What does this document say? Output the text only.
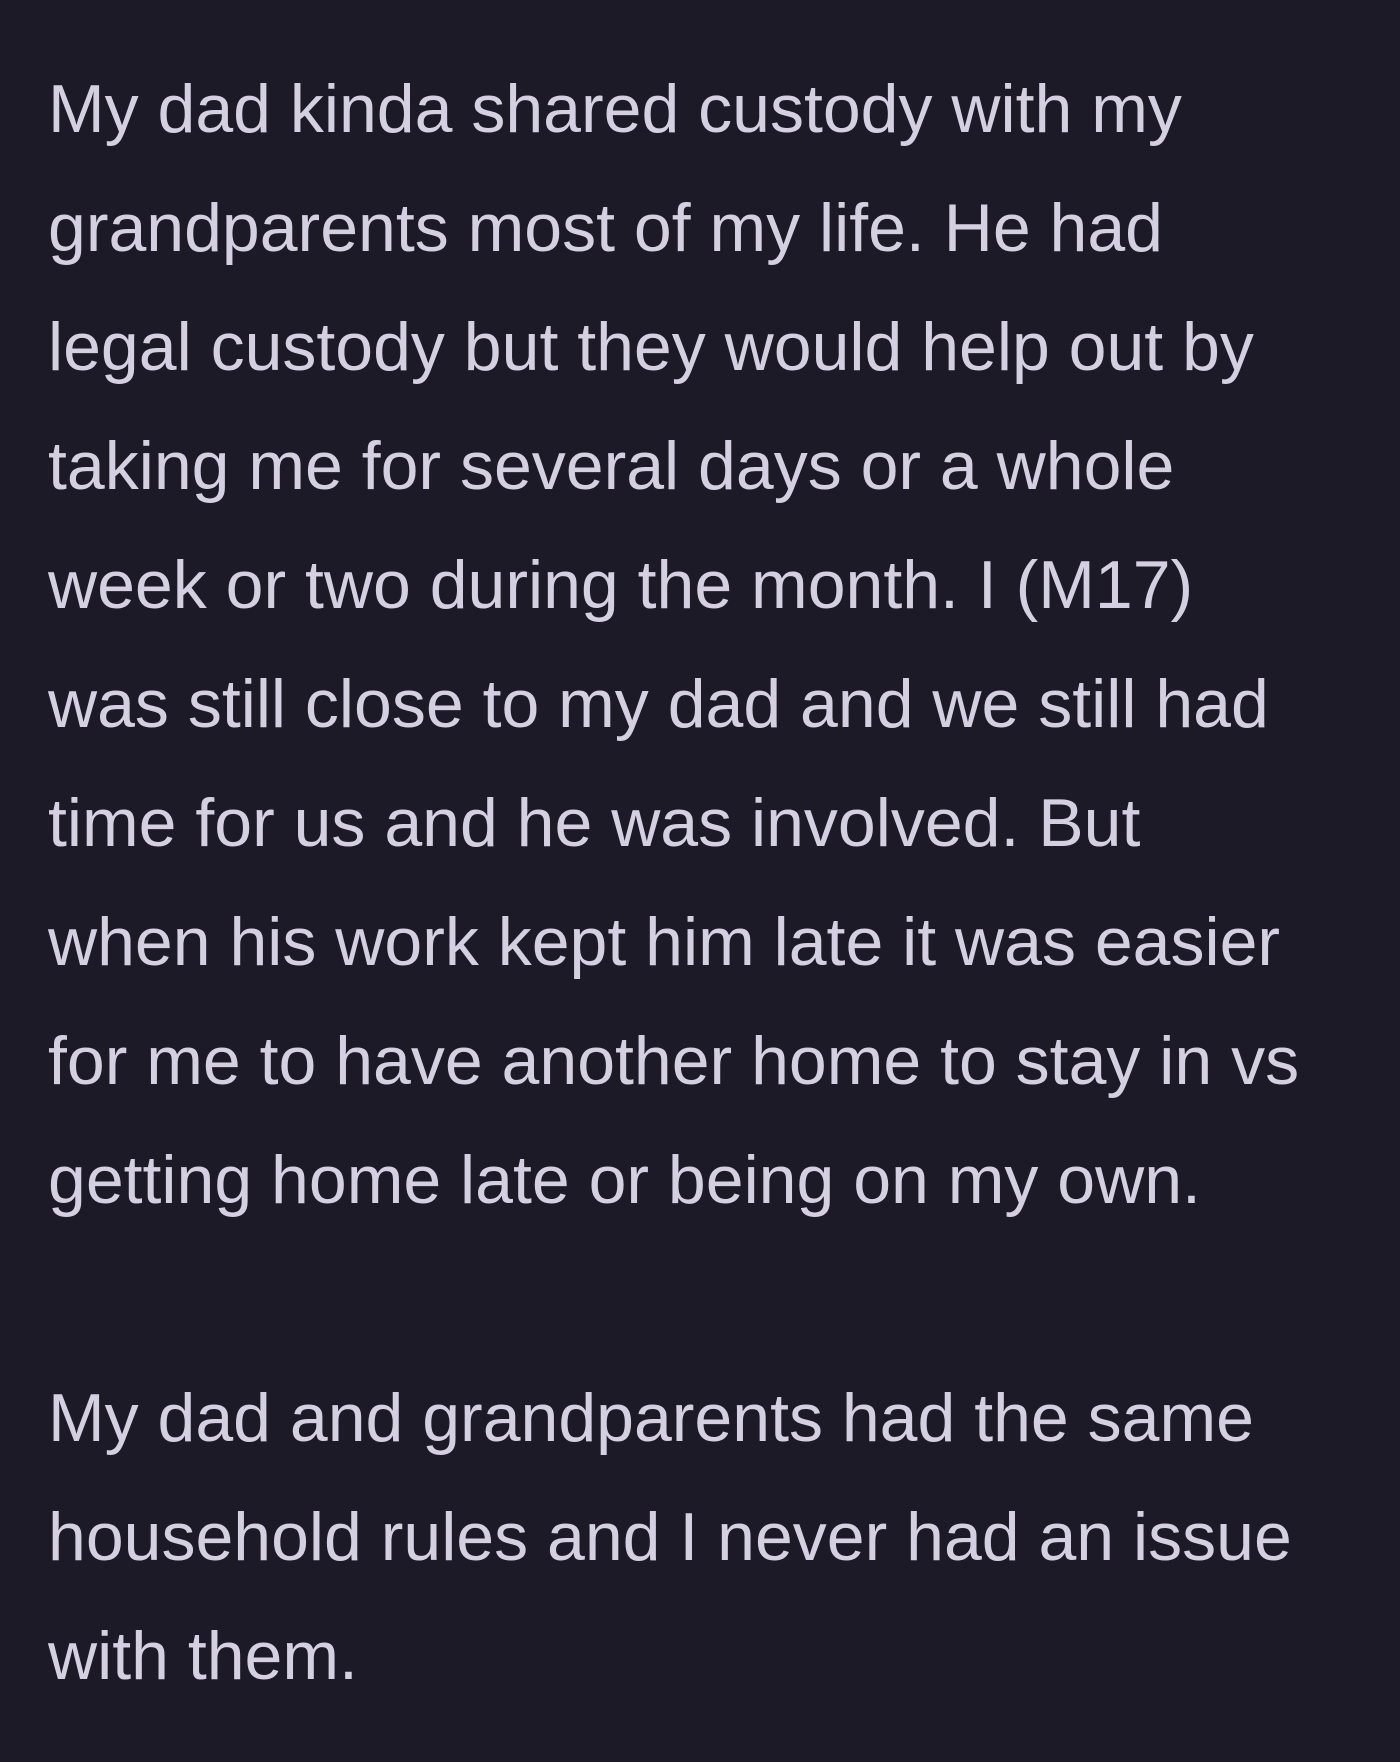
My dad kinda shared custody with my
grandparents most of my life. He had
legal custody but they would help out by
taking me for several days or a whole
week or two during the month. I (M17)
was still close to my dad and we still had
time for us and he was involved. But
when his work kept him late it was easier
for me to have another home to stay in vs
getting home late or being on my own.

My dad and grandparents had the same
household rules and I never had an issue
with them.
